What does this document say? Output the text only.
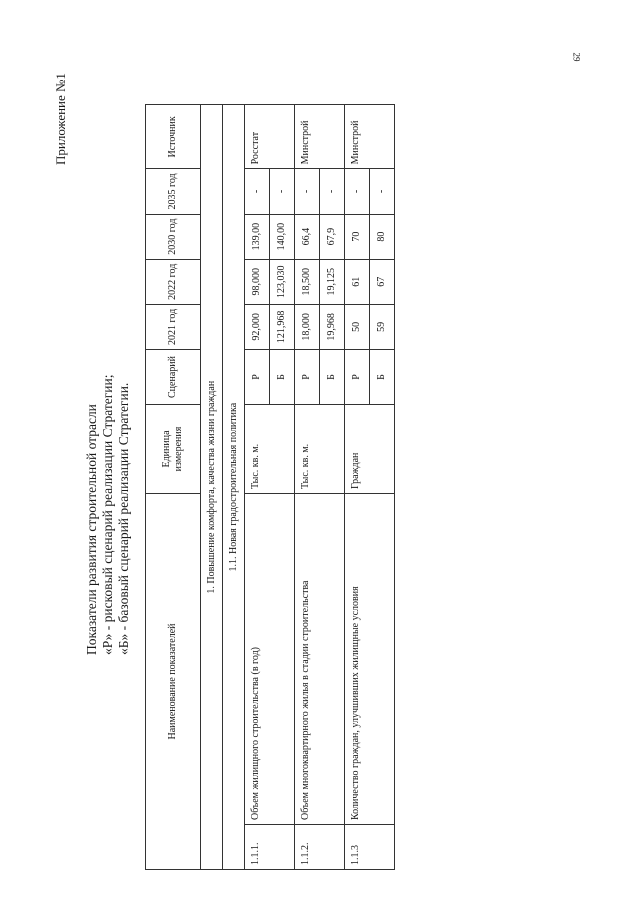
29
Приложение №1
Показатели развития строительной отрасли «Р» - рисковый сценарий реализации Стратегии; «Б» - базовый сценарий реализации Стратегии.
Наименование показателей		Единица измерения	Сценарий	2021 год	2022 год	2030 год	2035 год	Источник
1. Повышение комфорта, качества жизни граждан								
1.1. Новая градостроительная политика								
1.1.1.	Объем жилищного строительства (в год)	Тыс. кв. м.	Р	92,000	98,000	139,00	-	Росстат
			Б	121,968	123,030	140,00	-	
1.1.2.	Объем многоквартирного жилья в стадии строительства	Тыс. кв. м.	Р	18,000	18,500	66,4	-	Минстрой
			Б	19,968	19,125	67,9	-	
1.1.3	Количество граждан, улучшивших жилищные условия	Граждан	Р	50	61	70	-	Минстрой
			Б	59	67	80	-	
